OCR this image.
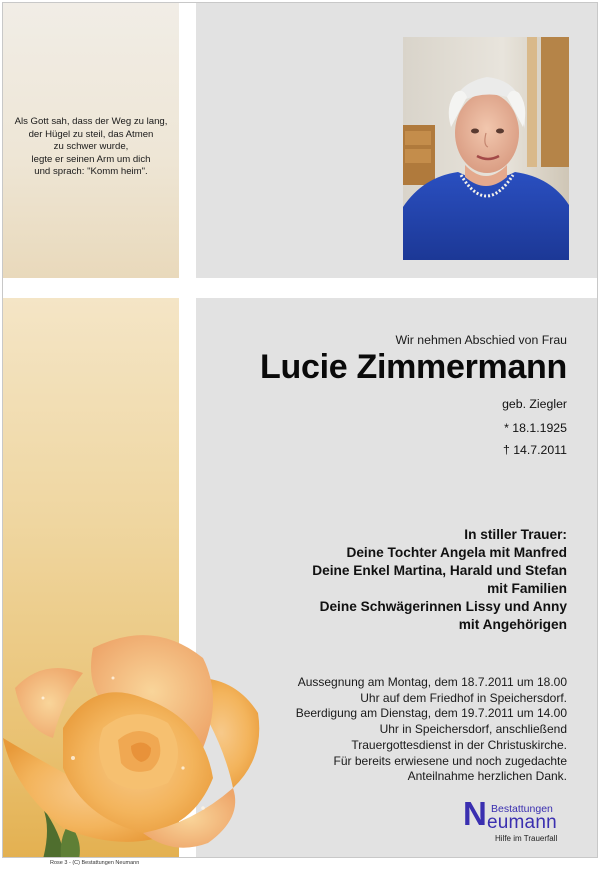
Als Gott sah, dass der Weg zu lang,
der Hügel zu steil, das Atmen
zu schwer wurde,
legte er seinen Arm um dich
und sprach: "Komm heim".
Wir nehmen Abschied von Frau
Lucie Zimmermann
geb. Ziegler
* 18.1.1925
† 14.7.2011
In stiller Trauer:
Deine Tochter Angela mit Manfred
Deine Enkel Martina, Harald und Stefan
mit Familien
Deine Schwägerinnen Lissy und Anny
mit Angehörigen
Aussegnung am Montag, dem 18.7.2011 um 18.00
Uhr auf dem Friedhof in Speichersdorf.
Beerdigung am Dienstag, dem 19.7.2011 um 14.00
Uhr in Speichersdorf, anschließend
Trauergottesdienst in der Christuskirche.
Für bereits erwiesene und noch zugedachte
Anteilnahme herzlichen Dank.
N Bestattungen
eumann
Hilfe im Trauerfall
Rose 3 - (C) Bestattungen Neumann
